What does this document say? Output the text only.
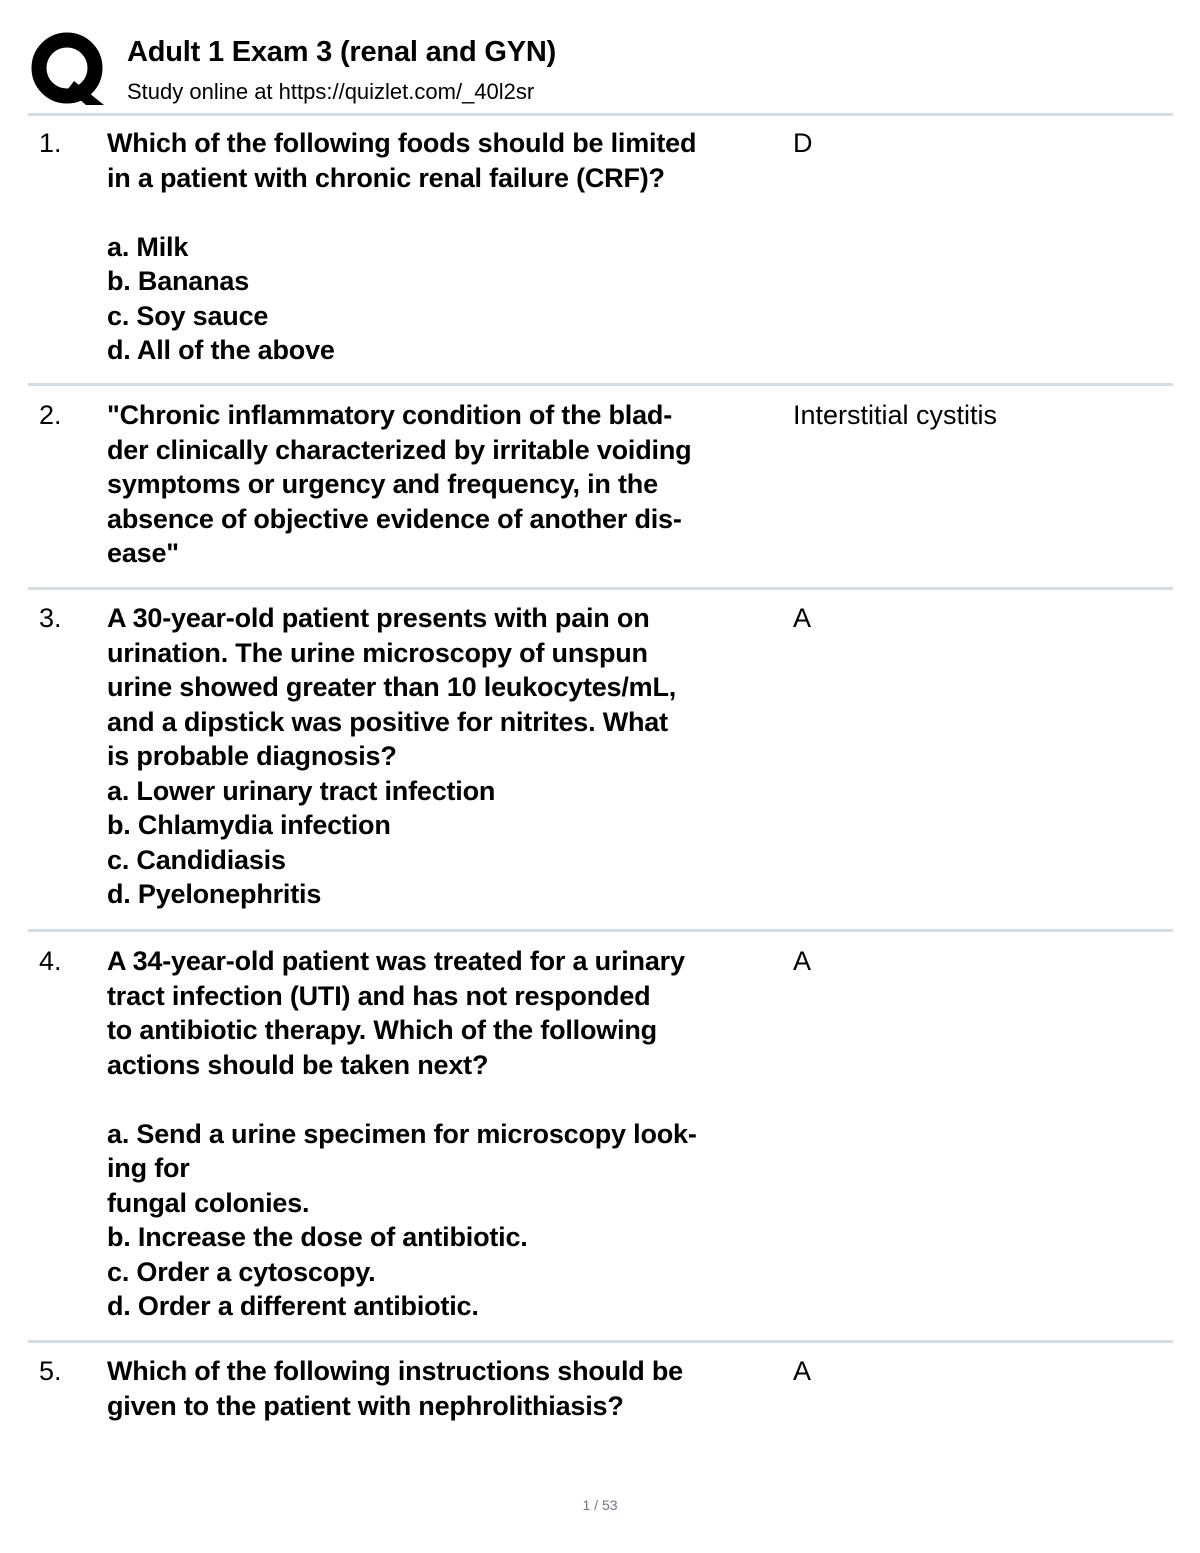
Adult 1 Exam 3 (renal and GYN)
Study online at https://quizlet.com/_40l2sr
1. Which of the following foods should be limited
in a patient with chronic renal failure (CRF)?
a. Milk
b. Bananas
c. Soy sauce
d. All of the above
D
2. "Chronic inflammatory condition of the blad-
der clinically characterized by irritable voiding
symptoms or urgency and frequency, in the
absence of objective evidence of another dis-
ease"
Interstitial cystitis
3. A 30-year-old patient presents with pain on
urination. The urine microscopy of unspun
urine showed greater than 10 leukocytes/mL,
and a dipstick was positive for nitrites. What
is probable diagnosis?
a. Lower urinary tract infection
b. Chlamydia infection
c. Candidiasis
d. Pyelonephritis
A
4. A 34-year-old patient was treated for a urinary
tract infection (UTI) and has not responded
to antibiotic therapy. Which of the following
actions should be taken next?
a. Send a urine specimen for microscopy look-
ing for
fungal colonies.
b. Increase the dose of antibiotic.
c. Order a cytoscopy.
d. Order a different antibiotic.
A
5. Which of the following instructions should be
given to the patient with nephrolithiasis?
A
1 / 53
